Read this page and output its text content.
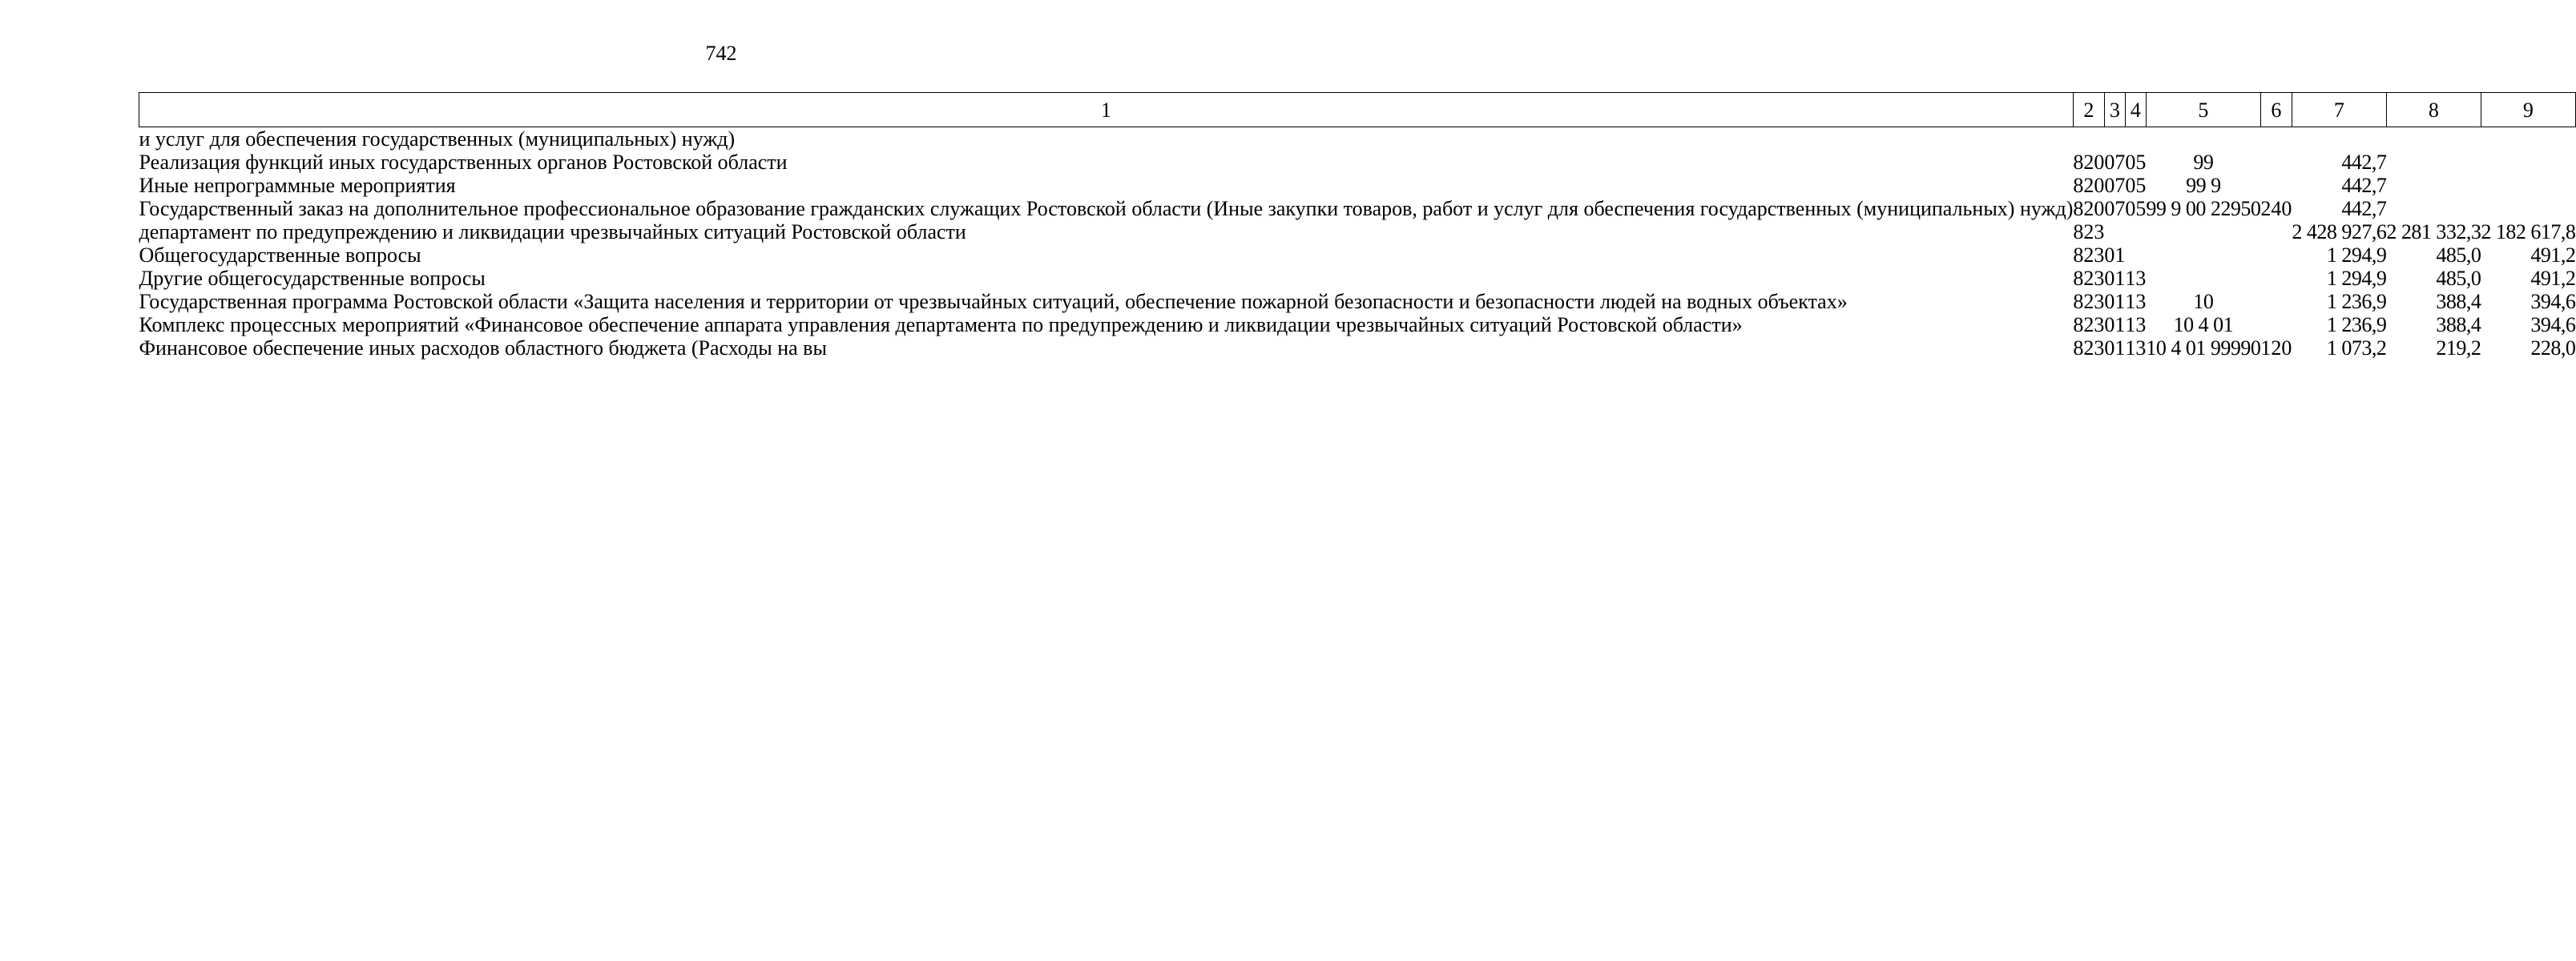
742
1	2	3	4	5	6	7	8	9
и услуг для обеспечения государственных (муниципальных) нужд)								
Реализация функций иных государственных органов Ростовской области	820	07	05	99		442,7		
Иные непрограммные мероприятия	820	07	05	99 9		442,7		
Государственный заказ на дополнительное профессиональное образование гражданских служащих Ростовской области (Иные закупки товаров, работ и услуг для обеспечения государственных (муниципальных) нужд)	820	07	05	99 9 00 22950	240	442,7		
департамент по предупреждению и ликвидации чрезвычайных ситуаций Ростовской области	823					2 428 927,6	2 281 332,3	2 182 617,8
Общегосударственные вопросы	823	01				1 294,9	485,0	491,2
Другие общегосударственные вопросы	823	01	13			1 294,9	485,0	491,2
Государственная программа Ростовской области «Защита населения и территории от чрезвычайных ситуаций, обеспечение пожарной безопасности и безопасности людей на водных объектах»	823	01	13	10		1 236,9	388,4	394,6
Комплекс процессных мероприятий «Финансовое обеспечение аппарата управления департамента по предупреждению и ликвидации чрезвычайных ситуаций Ростовской области»	823	01	13	10 4 01		1 236,9	388,4	394,6
Финансовое обеспечение иных расходов областного бюджета (Расходы на вы	823	01	13	10 4 01 99990	120	1 073,2	219,2	228,0
